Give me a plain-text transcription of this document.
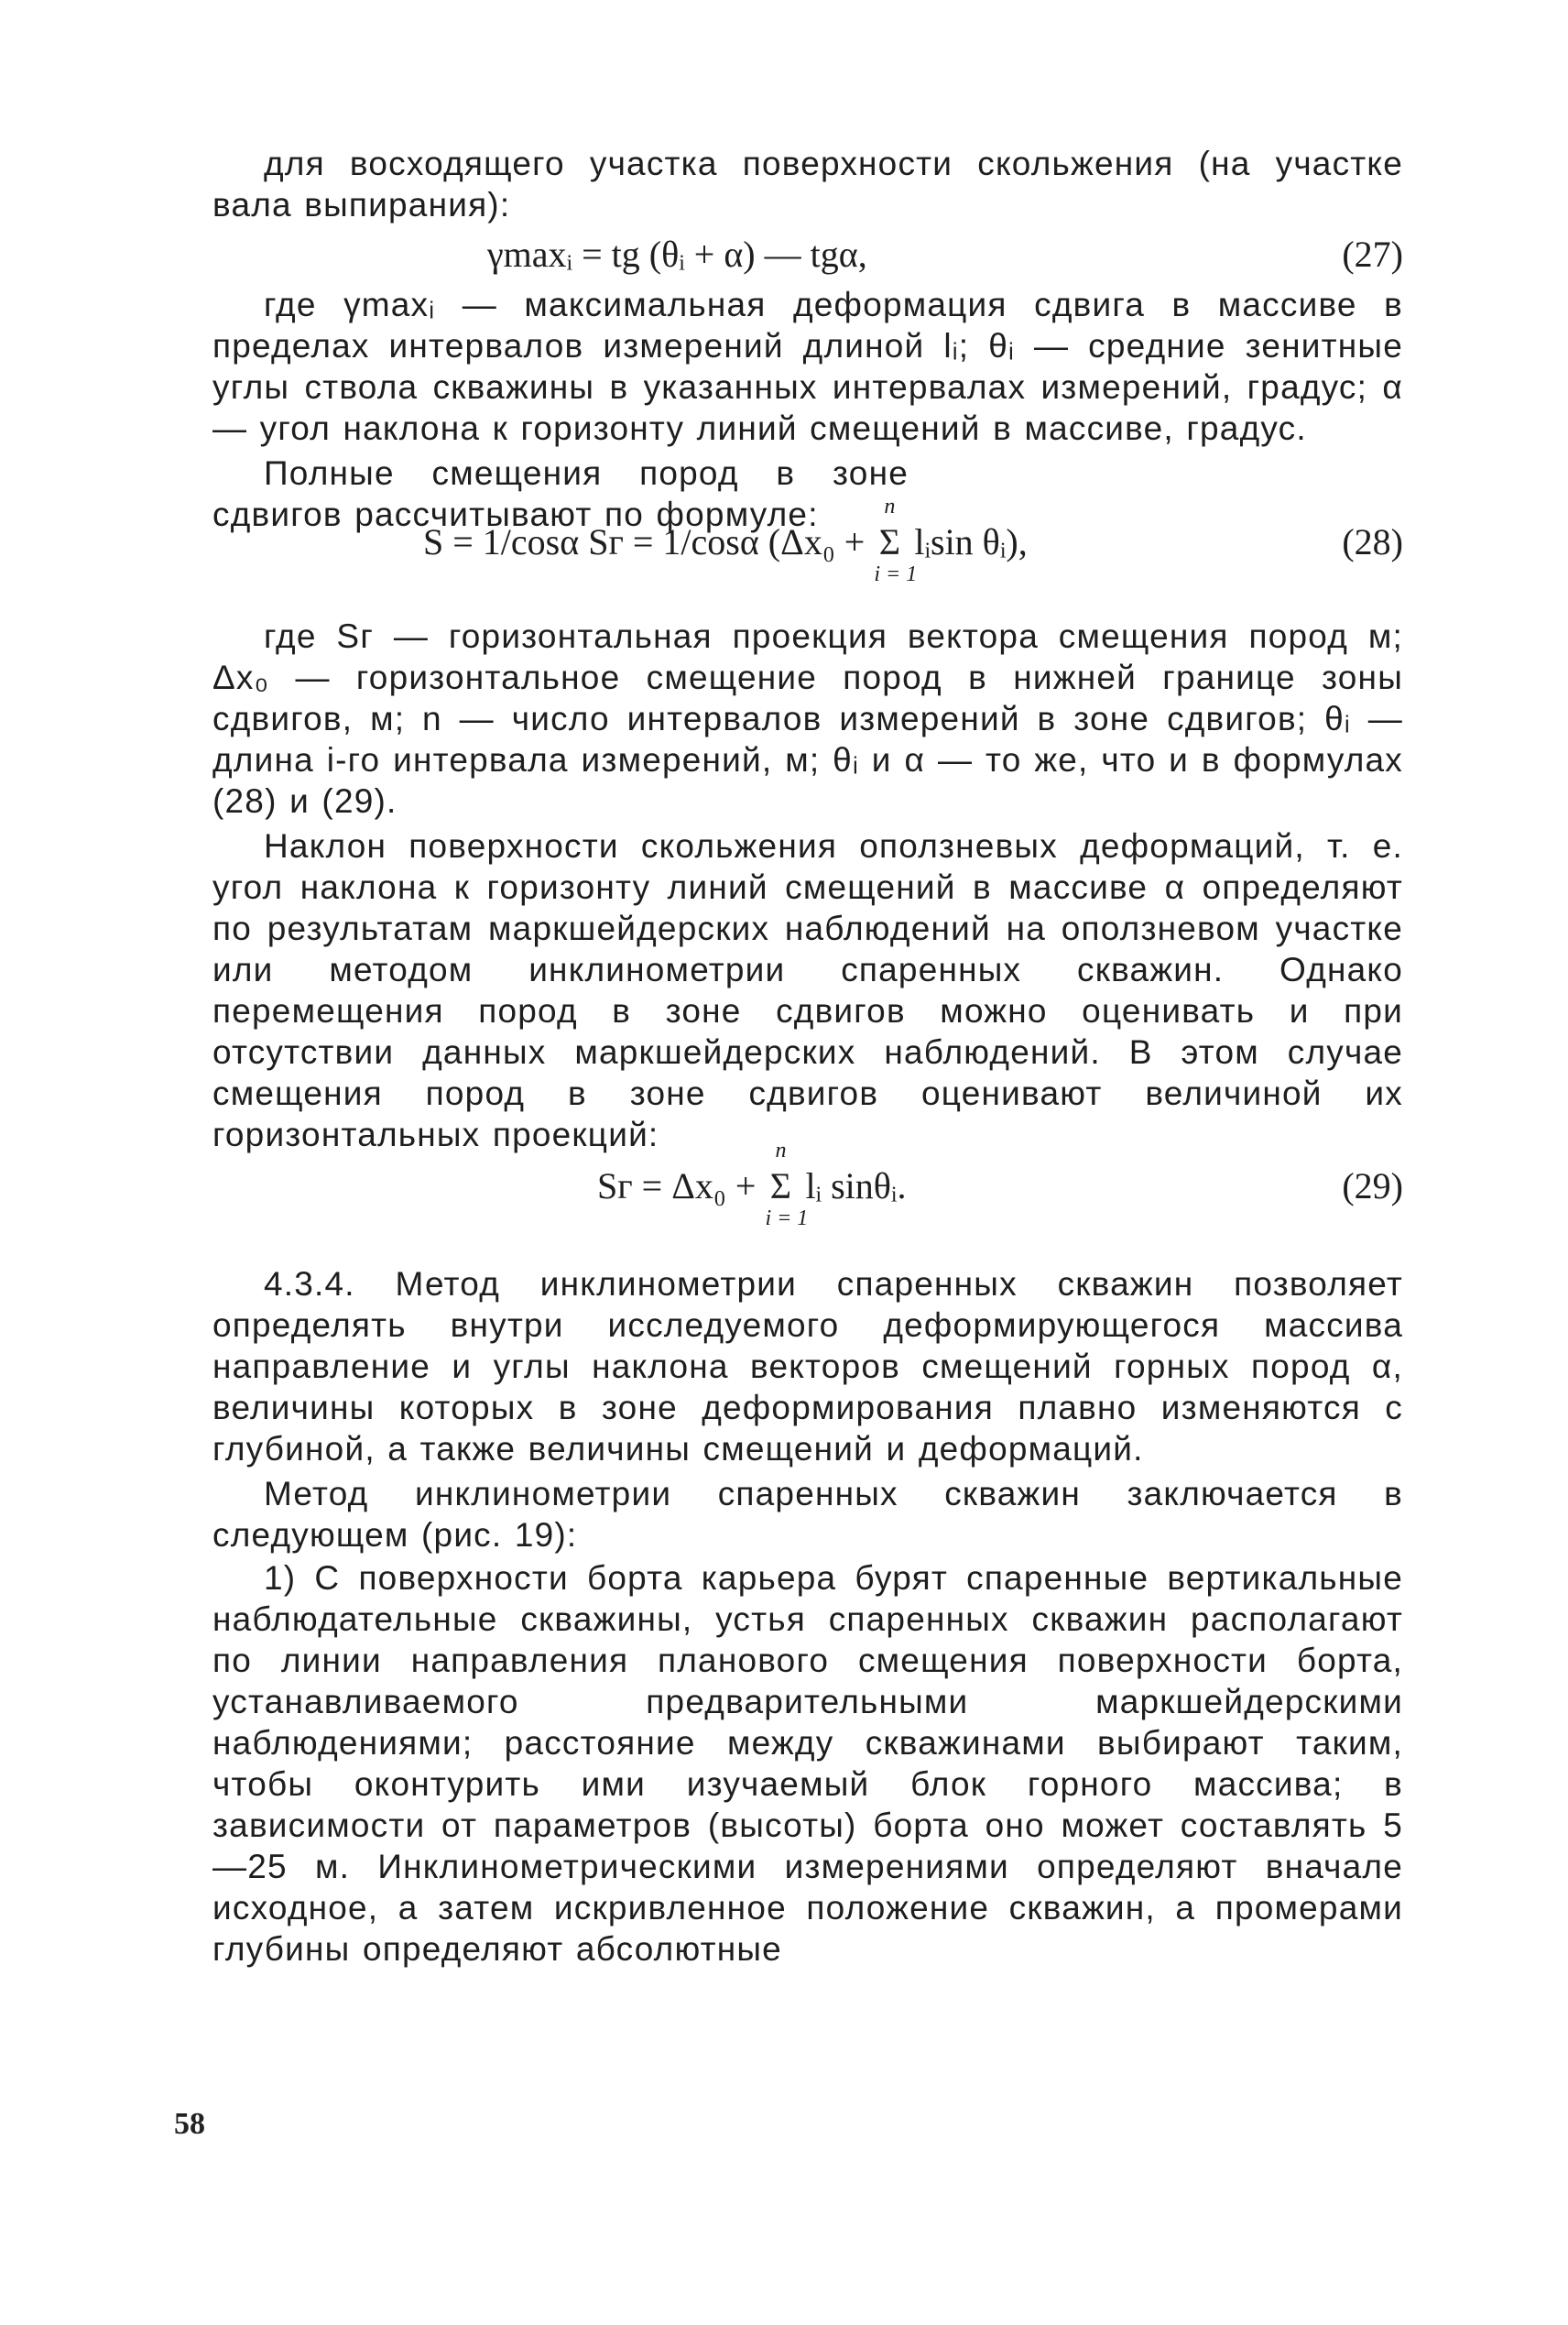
для восходящего участка поверхности скольжения (на участке вала выпирания):

γmaxᵢ = tg (θᵢ + α) — tgα,	(27)

где γmaxᵢ — максимальная деформация сдвига в массиве в пределах интервалов измерений длиной lᵢ; θᵢ — средние зенитные углы ствола скважины в указанных интервалах измерений, градус; α — угол наклона к горизонту линий смещений в массиве, градус.

Полные смещения пород в зоне сдвигов рассчитывают по формуле:

S = 1/cosα Sг = 1/cosα (Δx₀ +
n
Σ
i = 1
lᵢsin θᵢ),	(28)

где Sг — горизонтальная проекция вектора смещения пород м; Δx₀ — горизонтальное смещение пород в нижней границе зоны сдвигов, м; n — число интервалов измерений в зоне сдвигов; θᵢ — длина i-го интервала измерений, м; θᵢ и α — то же, что и в формулах (28) и (29).

Наклон поверхности скольжения оползневых деформаций, т. е. угол наклона к горизонту линий смещений в массиве α определяют по результатам маркшейдерских наблюдений на оползневом участке или методом инклинометрии спаренных скважин. Однако перемещения пород в зоне сдвигов можно оценивать и при отсутствии данных маркшейдерских наблюдений. В этом случае смещения пород в зоне сдвигов оценивают величиной их горизонтальных проекций:

Sг = Δx₀ +
n
Σ
i = 1
lᵢ sinθᵢ.	(29)

4.3.4. Метод инклинометрии спаренных скважин позволяет определять внутри исследуемого деформирующегося массива направление и углы наклона векторов смещений горных пород α, величины которых в зоне деформирования плавно изменяются с глубиной, а также величины смещений и деформаций.

Метод инклинометрии спаренных скважин заключается в следующем (рис. 19):

1) С поверхности борта карьера бурят спаренные вертикальные наблюдательные скважины, устья спаренных скважин располагают по линии направления планового смещения поверхности борта, устанавливаемого предварительными маркшейдерскими наблюдениями; расстояние между скважинами выбирают таким, чтобы оконтурить ими изучаемый блок горного массива; в зависимости от параметров (высоты) борта оно может составлять 5—25 м. Инклинометрическими измерениями определяют вначале исходное, а затем искривленное положение скважин, а промерами глубины определяют абсолютные

58
